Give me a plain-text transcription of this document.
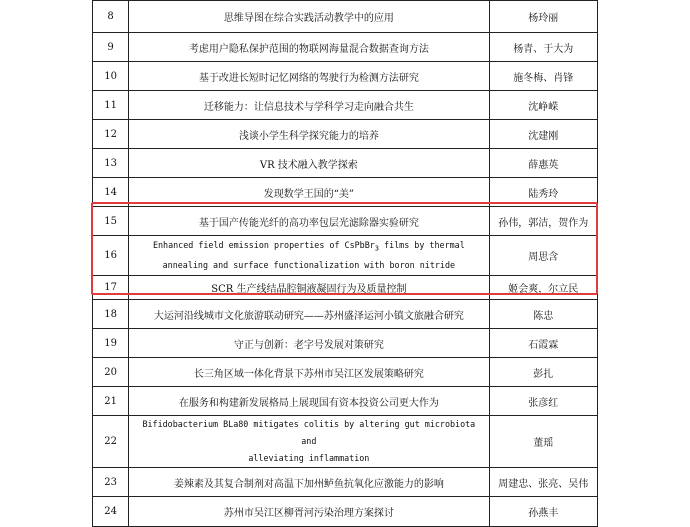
8	思维导图在综合实践活动教学中的应用	杨玲丽
9	考虑用户隐私保护范围的物联网海量混合数据查询方法	杨青、于大为
10	基于改进长短时记忆网络的驾驶行为检测方法研究	施冬梅、肖锋
11	迁移能力：让信息技术与学科学习走向融合共生	沈峥嵘
12	浅谈小学生科学探究能力的培养	沈建刚
13	VR 技术融入教学探索	薛惠英
14	发现数学王国的“美”	陆秀玲
15	基于国产传能光纤的高功率包层光滤除器实验研究	孙伟，郭洁，贺作为
16	Enhanced field emission properties of CsPbBr$_3$ films by thermal
annealing and surface functionalization with boron nitride	周思含
17	SCR 生产线结晶腔铜液凝固行为及质量控制	姬会爽，尔立民
18	大运河沿线城市文化旅游联动研究——苏州盛泽运河小镇文旅融合研究	陈忠
19	守正与创新：老字号发展对策研究	石霞霖
20	长三角区域一体化背景下苏州市吴江区发展策略研究	彭扎
21	在服务和构建新发展格局上展现国有资本投资公司更大作为	张彦红
22	Bifidobacterium BLa80 mitigates colitis by altering gut microbiota and
alleviating inflammation	董瑶
23	姜辣素及其复合制剂对高温下加州鲈鱼抗氧化应激能力的影响	周建忠、张亮、吴伟
24	苏州市吴江区柳胥河污染治理方案探讨	孙燕丰
